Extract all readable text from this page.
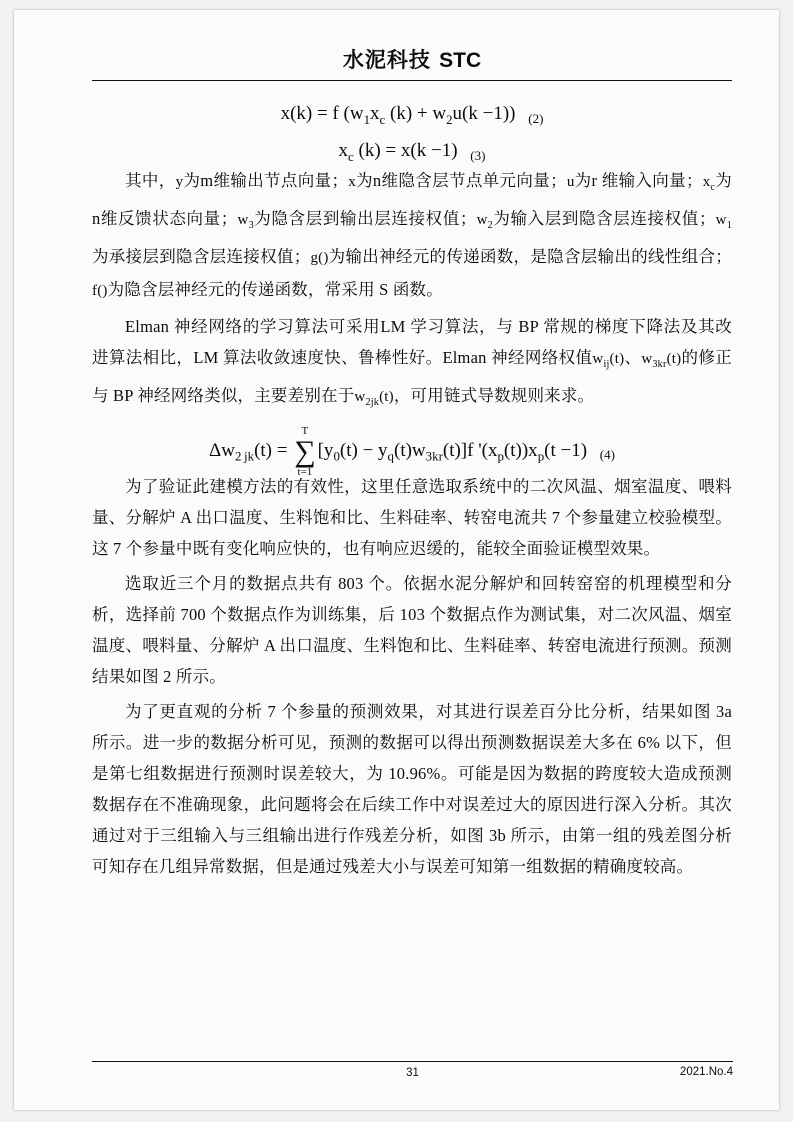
水泥科技 STC
x(k) = f ($w_1x_c$ $(k) + w_2u(k -1)$) $_{(2)}$
$x_c$ (k) = x(k −1) $_{(3)}$

其中，y为m维输出节点向量；x为n维隐含层节点单元向量；u为r 维输入向量；$x_c$为n维反馈状态向量；$w_3$为隐含层到输出层连接权值；$w_2$为输入层到隐含层连接权值；$w_1$为承接层到隐含层连接权值；g()为输出神经元的传递函数，是隐含层输出的线性组合；f()为隐含层神经元的传递函数，常采用 S 函数。

Elman 神经网络的学习算法可采用LM 学习算法，与 BP 常规的梯度下降法及其改进算法相比，LM 算法收敛速度快、鲁棒性好。Elman 神经网络权值$w_{ij}(t)$、$w_{3kr}(t)$的修正与 BP 神经网络类似，主要差别在于$w_{2jk}(t)$，可用链式导数规则来求。

$\Delta w_{2 jk}(t)$ =
T
∑
t=1
$[y_0(t) - y_q(t)w_{3kr}(t)]f$ '$(x_p(t))x_p(t -1)$ $_{(4)}$

为了验证此建模方法的有效性，这里任意选取系统中的二次风温、烟室温度、喂料量、分解炉 A 出口温度、生料饱和比、生料硅率、转窑电流共 7 个参量建立校验模型。这 7 个参量中既有变化响应快的，也有响应迟缓的，能较全面验证模型效果。

选取近三个月的数据点共有 803 个。依据水泥分解炉和回转窑窑的机理模型和分析，选择前 700 个数据点作为训练集，后 103 个数据点作为测试集，对二次风温、烟室温度、喂料量、分解炉 A 出口温度、生料饱和比、生料硅率、转窑电流进行预测。预测结果如图 2 所示。

为了更直观的分析 7 个参量的预测效果，对其进行误差百分比分析，结果如图 3a 所示。进一步的数据分析可见，预测的数据可以得出预测数据误差大多在 6% 以下，但是第七组数据进行预测时误差较大，为 10.96%。可能是因为数据的跨度较大造成预测数据存在不准确现象，此问题将会在后续工作中对误差过大的原因进行深入分析。其次通过对于三组输入与三组输出进行作残差分析，如图 3b 所示，由第一组的残差图分析可知存在几组异常数据，但是通过残差大小与误差可知第一组数据的精确度较高。

2021.No.4
31
